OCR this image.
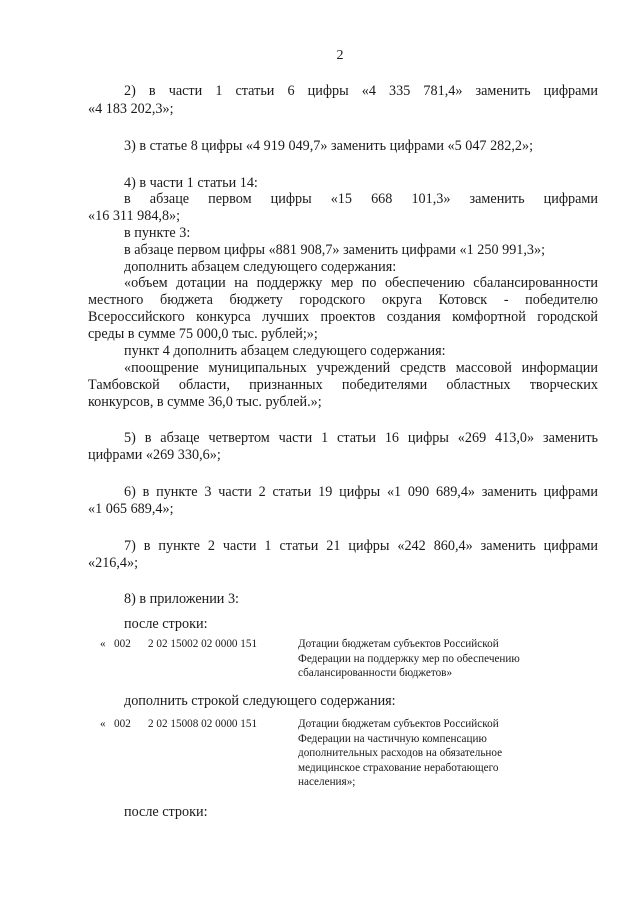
2
2) в части 1 статьи 6 цифры «4 335 781,4» заменить цифрами
«4 183 202,3»;
3) в статье 8 цифры «4 919 049,7» заменить цифрами «5 047 282,2»;
4) в части 1 статьи 14:
в абзаце первом цифры «15 668 101,3» заменить цифрами
«16 311 984,8»;
в пункте 3:
в абзаце первом цифры «881 908,7» заменить цифрами «1 250 991,3»;
дополнить абзацем следующего содержания:
«объем дотации на поддержку мер по обеспечению сбалансированности
местного бюджета бюджету городского округа Котовск - победителю
Всероссийского конкурса лучших проектов создания комфортной городской
среды в сумме 75 000,0 тыс. рублей;»;
пункт 4 дополнить абзацем следующего содержания:
«поощрение муниципальных учреждений средств массовой информации
Тамбовской области, признанных победителями областных творческих
конкурсов, в сумме 36,0 тыс. рублей.»;
5) в абзаце четвертом части 1 статьи 16 цифры «269 413,0» заменить
цифрами «269 330,6»;
6) в пункте 3 части 2 статьи 19 цифры «1 090 689,4» заменить цифрами
«1 065 689,4»;
7) в пункте 2 части 1 статьи 21 цифры «242 860,4» заменить цифрами
«216,4»;
8) в приложении 3:
после строки:
« 002 2 02 15002 02 0000 151	Дотации бюджетам субъектов Российской
Федерации на поддержку мер по обеспечению
сбалансированности бюджетов»
дополнить строкой следующего содержания:
« 002 2 02 15008 02 0000 151	Дотации бюджетам субъектов Российской
Федерации на частичную компенсацию
дополнительных расходов на обязательное
медицинское страхование неработающего
населения»;
после строки:
